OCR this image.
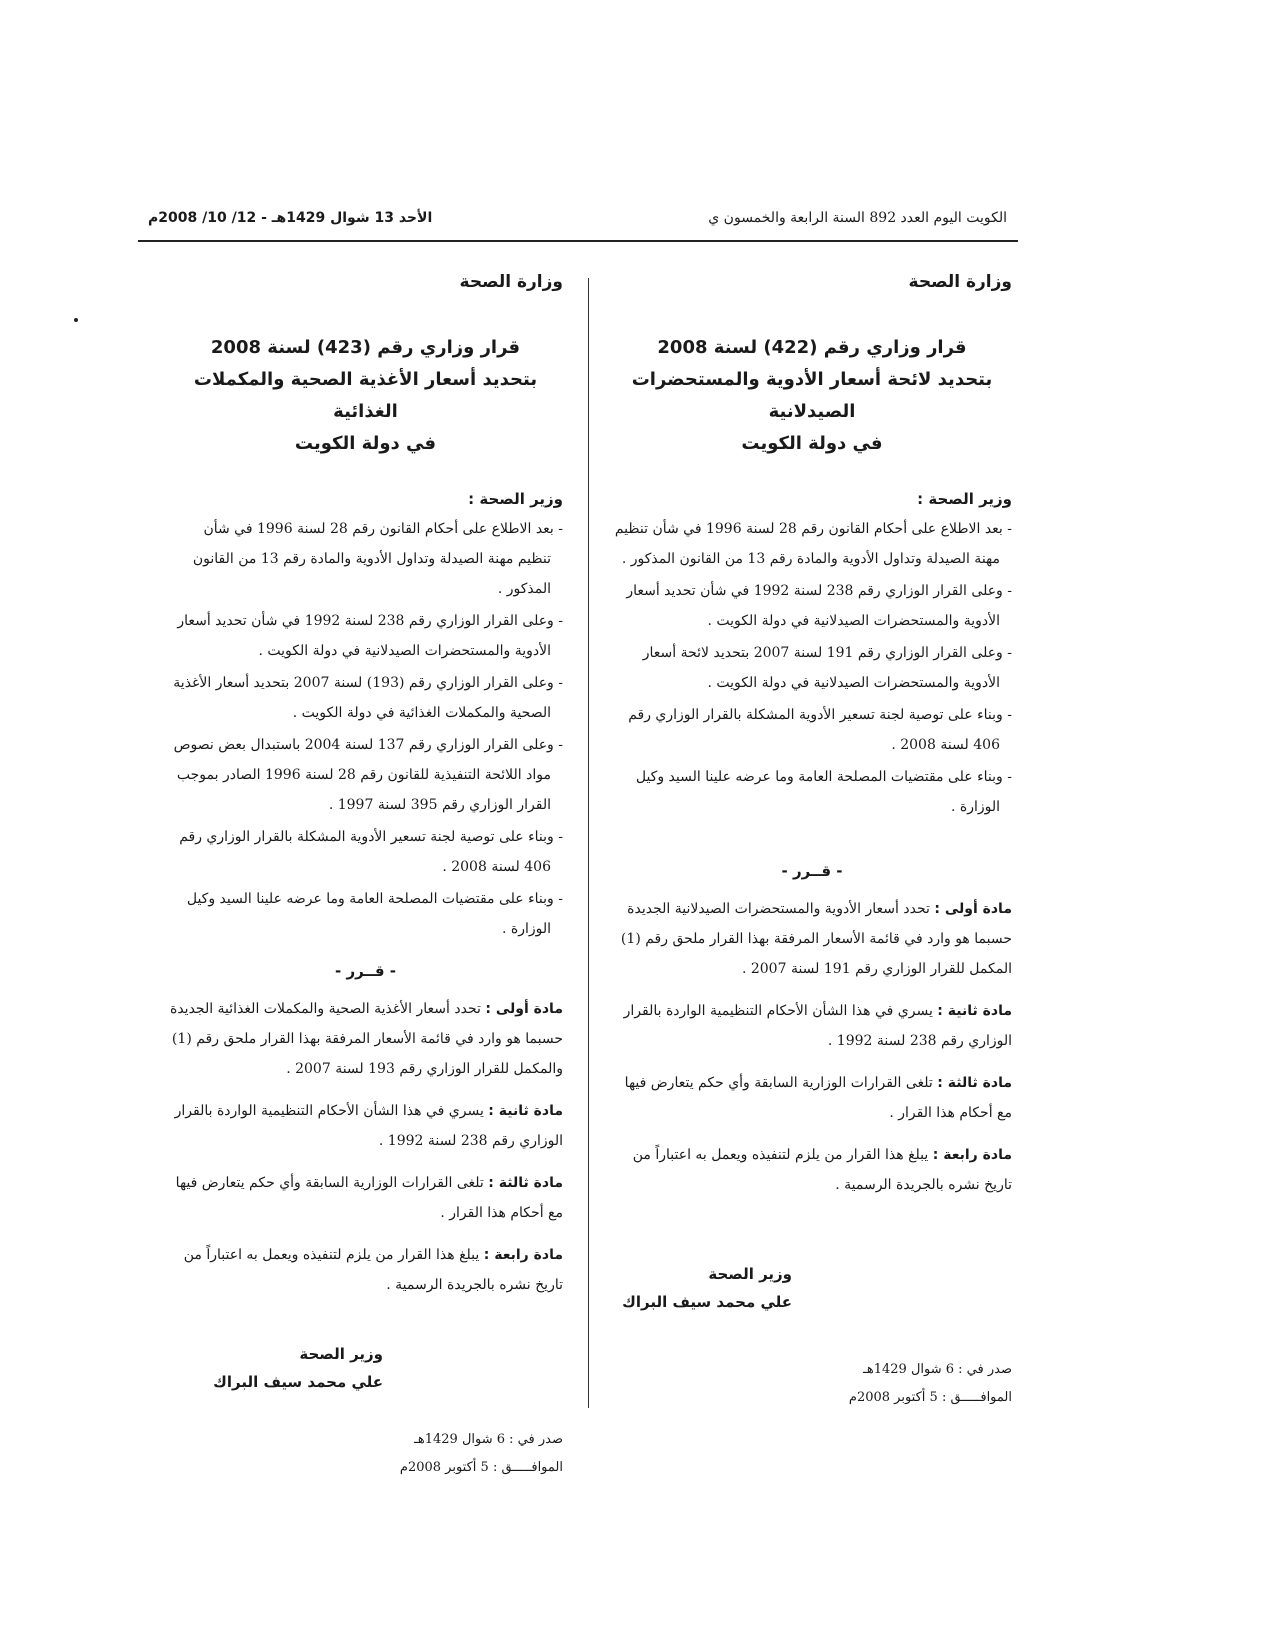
الكويت اليوم العدد 892 السنة الرابعة والخمسون ي
الأحد 13 شوال 1429هـ - 12/ 10/ 2008م
وزارة الصحة
قرار وزاري رقم (422) لسنة 2008
بتحديد لائحة أسعار الأدوية والمستحضرات الصيدلانية
في دولة الكويت
وزير الصحة :

- بعد الاطلاع على أحكام القانون رقم 28 لسنة 1996 في شأن تنظيم مهنة الصيدلة وتداول الأدوية والمادة رقم 13 من القانون المذكور .

- وعلى القرار الوزاري رقم 238 لسنة 1992 في شأن تحديد أسعار الأدوية والمستحضرات الصيدلانية في دولة الكويت .

- وعلى القرار الوزاري رقم 191 لسنة 2007 بتحديد لائحة أسعار الأدوية والمستحضرات الصيدلانية في دولة الكويت .

- وبناء على توصية لجنة تسعير الأدوية المشكلة بالقرار الوزاري رقم 406 لسنة 2008 .

- وبناء على مقتضيات المصلحة العامة وما عرضه علينا السيد وكيل الوزارة .

- قــرر -
مادة أولى : تحدد أسعار الأدوية والمستحضرات الصيدلانية الجديدة حسبما هو وارد في قائمة الأسعار المرفقة بهذا القرار ملحق رقم (1) المكمل للقرار الوزاري رقم 191 لسنة 2007 .
مادة ثانية : يسري في هذا الشأن الأحكام التنظيمية الواردة بالقرار الوزاري رقم 238 لسنة 1992 .
مادة ثالثة : تلغى القرارات الوزارية السابقة وأي حكم يتعارض فيها مع أحكام هذا القرار .
مادة رابعة : يبلغ هذا القرار من يلزم لتنفيذه ويعمل به اعتباراً من تاريخ نشره بالجريدة الرسمية .
وزير الصحة
علي محمد سيف البراك
صدر في : 6 شوال 1429هـ
الموافـــــق : 5 أكتوبر 2008م
وزارة الصحة
قرار وزاري رقم (423) لسنة 2008
بتحديد أسعار الأغذية الصحية والمكملات الغذائية
في دولة الكويت
وزير الصحة :

- بعد الاطلاع على أحكام القانون رقم 28 لسنة 1996 في شأن تنظيم مهنة الصيدلة وتداول الأدوية والمادة رقم 13 من القانون المذكور .

- وعلى القرار الوزاري رقم 238 لسنة 1992 في شأن تحديد أسعار الأدوية والمستحضرات الصيدلانية في دولة الكويت .

- وعلى القرار الوزاري رقم (193) لسنة 2007 بتحديد أسعار الأغذية الصحية والمكملات الغذائية في دولة الكويت .

- وعلى القرار الوزاري رقم 137 لسنة 2004 باستبدال بعض نصوص مواد اللائحة التنفيذية للقانون رقم 28 لسنة 1996 الصادر بموجب القرار الوزاري رقم 395 لسنة 1997 .

- وبناء على توصية لجنة تسعير الأدوية المشكلة بالقرار الوزاري رقم 406 لسنة 2008 .

- وبناء على مقتضيات المصلحة العامة وما عرضه علينا السيد وكيل الوزارة .

- قــرر -
مادة أولى : تحدد أسعار الأغذية الصحية والمكملات الغذائية الجديدة حسبما هو وارد في قائمة الأسعار المرفقة بهذا القرار ملحق رقم (1) والمكمل للقرار الوزاري رقم 193 لسنة 2007 .
مادة ثانية : يسري في هذا الشأن الأحكام التنظيمية الواردة بالقرار الوزاري رقم 238 لسنة 1992 .
مادة ثالثة : تلغى القرارات الوزارية السابقة وأي حكم يتعارض فيها مع أحكام هذا القرار .
مادة رابعة : يبلغ هذا القرار من يلزم لتنفيذه ويعمل به اعتباراً من تاريخ نشره بالجريدة الرسمية .
وزير الصحة
علي محمد سيف البراك
صدر في : 6 شوال 1429هـ
الموافـــــق : 5 أكتوبر 2008م
